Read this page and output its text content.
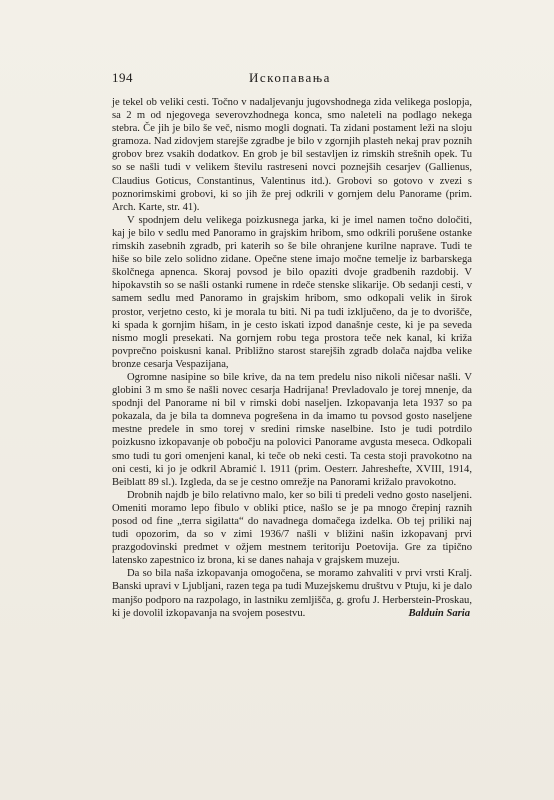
194	Ископавања

je tekel ob veliki cesti. Točno v nadaljevanju jugovshodnega zida velikega poslopja, sa 2 m od njegovega severovzhodnega konca, smo naleteli na podlago nekega stebra. Če jih je bilo še več, nismo mogli dognati. Ta zidani postament leži na sloju gramoza. Nad zidovjem starejše zgradbe je bilo v zgornjih plasteh nekaj prav poznih grobov brez vsakih dodatkov. En grob je bil sestavljen iz rimskih strešnih opek. Tu so se našli tudi v velikem številu rastreseni novci poznejših cesarjev (Gallienus, Claudius Goticus, Constantinus, Valentinus itd.). Grobovi so gotovo v zvezi s poznorimskimi grobovi, ki so jih že prej odkrili v gornjem delu Panorame (prim. Arch. Karte, str. 41).

V spodnjem delu velikega poizkusnega jarka, ki je imel namen točno določiti, kaj je bilo v sedlu med Panoramo in grajskim hribom, smo odkrili porušene ostanke rimskih zasebnih zgradb, pri katerih so še bile ohranjene kurilne naprave. Tudi te hiše so bile zelo solidno zidane. Opečne stene imajo močne temelje iz barbarskega školčnega apnenca. Skoraj povsod je bilo opaziti dvoje gradbenih razdobij. V hipokavstih so se našli ostanki rumene in rdeče stenske slikarije. Ob sedanji cesti, v samem sedlu med Panoramo in grajskim hribom, smo odkopali velik in širok prostor, verjetno cesto, ki je morala tu biti. Ni pa tudi izključeno, da je to dvorišče, ki spada k gornjim hišam, in je cesto iskati izpod današnje ceste, ki je pa seveda nismo mogli presekati. Na gornjem robu tega prostora teče nek kanal, ki križa povprečno poiskusni kanal. Približno starost starejših zgradb dolača najdba velike bronze cesarja Vespazijana,

Ogromne nasipine so bile krive, da na tem predelu niso nikoli ničesar našli. V globini 3 m smo še našli novec cesarja Hadrijana! Prevladovalo je torej mnenje, da spodnji del Panorame ni bil v rimski dobi naseljen. Izkopavanja leta 1937 so pa pokazala, da je bila ta domneva pogrešena in da imamo tu povsod gosto naseljene mestne predele in smo torej v sredini rimske naselbine. Isto je tudi potrdilo poizkusno izkopavanje ob pobočju na polovici Panorame avgusta meseca. Odkopali smo tudi tu gori omenjeni kanal, ki teče ob neki cesti. Ta cesta stoji pravokotno na oni cesti, ki jo je odkril Abramić l. 1911 (prim. Oesterr. Jahreshefte, XVIII, 1914, Beiblatt 89 sl.). Izgleda, da se je cestno omrežje na Panorami križalo pravokotno.

Drobnih najdb je bilo relativno malo, ker so bili ti predeli vedno gosto naseljeni. Omeniti moramo lepo fibulo v obliki ptice, našlo se je pa mnogo črepinj raznih posod od fine „terra sigilatta“ do navadnega domačega izdelka. Ob tej priliki naj tudi opozorim, da so v zimi 1936/7 našli v bližini našin izkopavanj prvi prazgodovinski predmet v ožjem mestnem teritoriju Poetovija. Gre za tipično latensko zapestnico iz brona, ki se danes nahaja v grajskem muzeju.

Da so bila naša izkopavanja omogočena, se moramo zahvaliti v prvi vrsti Kralj. Banski upravi v Ljubljani, razen tega pa tudi Muzejskemu društvu v Ptuju, ki je dalo manjšo podporo na razpolago, in lastniku zemljišča, g. grofu J. Herberstein-Proskau, ki je dovolil izkopavanja na svojem posestvu.	Balduin Saria
